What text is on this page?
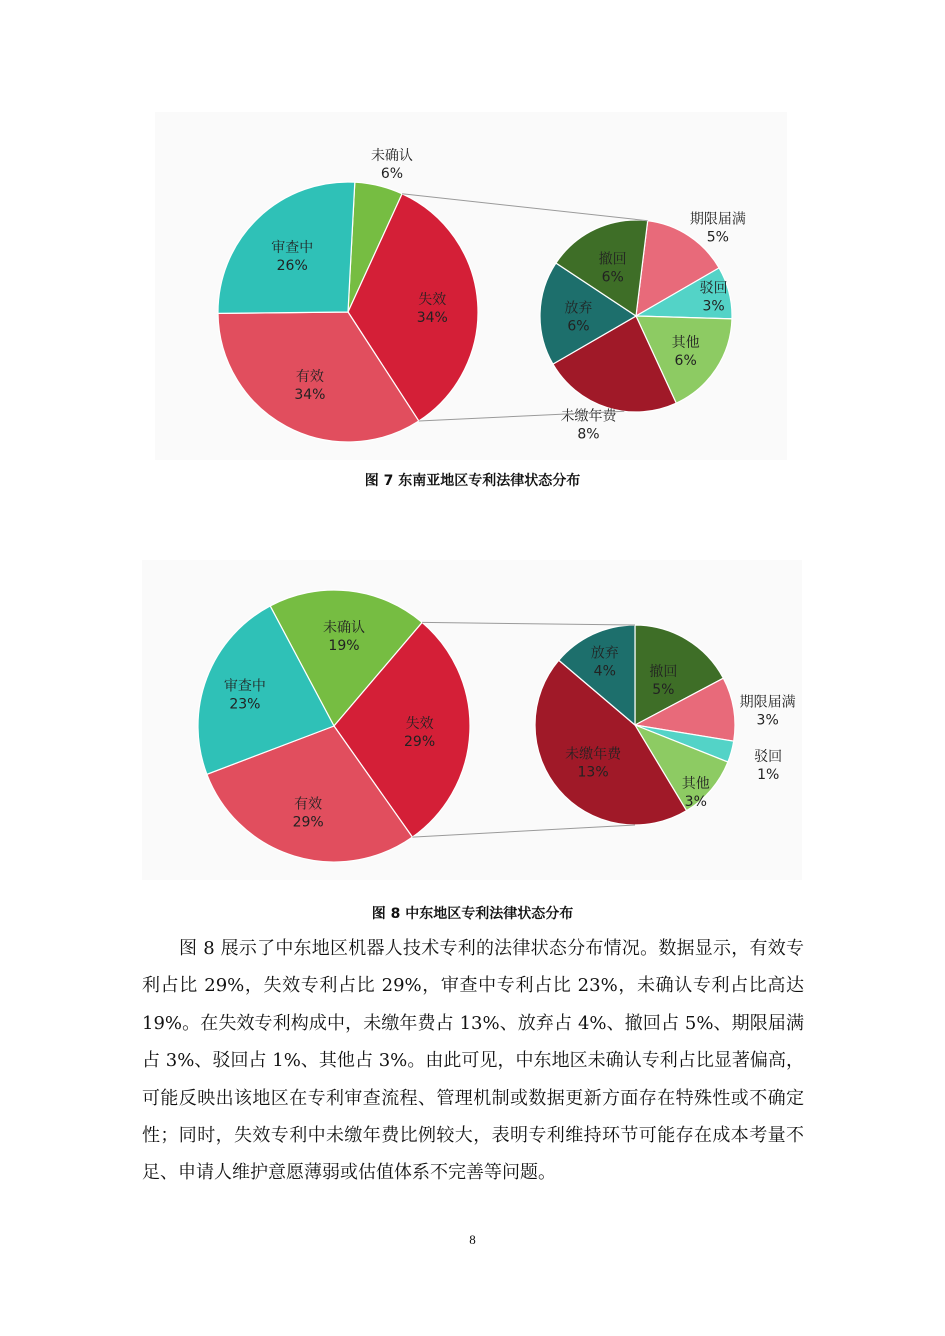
未确认
6%
失效
34%
有效
34%
审查中
26%
期限届满
5%
驳回
3%
其他
6%
未缴年费
8%
放弃
6%
撤回
6%
图 7 东南亚地区专利法律状态分布
未确认
19%
失效
29%
有效
29%
审查中
23%
撤回
5%
期限届满
3%
驳回
1%
其他
3%
未缴年费
13%
放弃
4%
图 8 中东地区专利法律状态分布

图 8 展示了中东地区机器人技术专利的法律状态分布情况。数据显示，有效专利占比 29%，失效专利占比 29%，审查中专利占比 23%，未确认专利占比高达 19%。在失效专利构成中，未缴年费占 13%、放弃占 4%、撤回占 5%、期限届满占 3%、驳回占 1%、其他占 3%。由此可见，中东地区未确认专利占比显著偏高，可能反映出该地区在专利审查流程、管理机制或数据更新方面存在特殊性或不确定性；同时，失效专利中未缴年费比例较大，表明专利维持环节可能存在成本考量不足、申请人维护意愿薄弱或估值体系不完善等问题。

8
